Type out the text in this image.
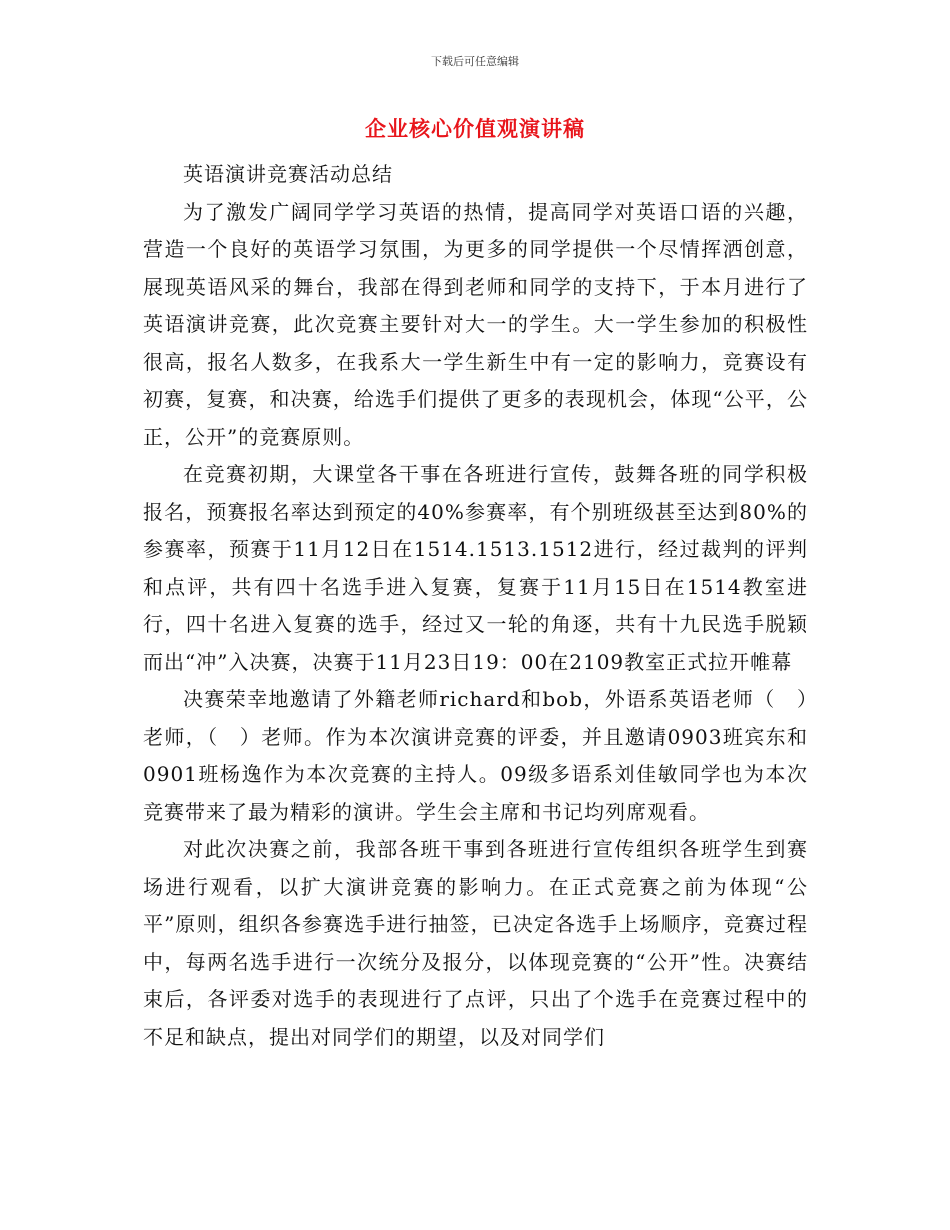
下载后可任意编辑
企业核心价值观演讲稿

英语演讲竞赛活动总结

为了激发广阔同学学习英语的热情，提高同学对英语口语的兴趣，营造一个良好的英语学习氛围，为更多的同学提供一个尽情挥洒创意，展现英语风采的舞台，我部在得到老师和同学的支持下，于本月进行了英语演讲竞赛，此次竞赛主要针对大一的学生。大一学生参加的积极性很高，报名人数多，在我系大一学生新生中有一定的影响力，竞赛设有初赛，复赛，和决赛，给选手们提供了更多的表现机会，体现“公平，公正，公开”的竞赛原则。

在竞赛初期，大课堂各干事在各班进行宣传，鼓舞各班的同学积极报名，预赛报名率达到预定的40%参赛率，有个别班级甚至达到80%的参赛率，预赛于11月12日在1514.1513.1512进行，经过裁判的评判和点评，共有四十名选手进入复赛，复赛于11月15日在1514教室进行，四十名进入复赛的选手，经过又一轮的角逐，共有十九民选手脱颖而出“冲”入决赛，决赛于11月23日19：00在2109教室正式拉开帷幕

决赛荣幸地邀请了外籍老师richard和bob，外语系英语老师（　）老师，（　）老师。作为本次演讲竞赛的评委，并且邀请0903班宾东和0901班杨逸作为本次竞赛的主持人。09级多语系刘佳敏同学也为本次竞赛带来了最为精彩的演讲。学生会主席和书记均列席观看。

对此次决赛之前，我部各班干事到各班进行宣传组织各班学生到赛场进行观看，以扩大演讲竞赛的影响力。在正式竞赛之前为体现“公平”原则，组织各参赛选手进行抽签，已决定各选手上场顺序，竞赛过程中，每两名选手进行一次统分及报分，以体现竞赛的“公开”性。决赛结束后，各评委对选手的表现进行了点评，只出了个选手在竞赛过程中的不足和缺点，提出对同学们的期望，以及对同学们
